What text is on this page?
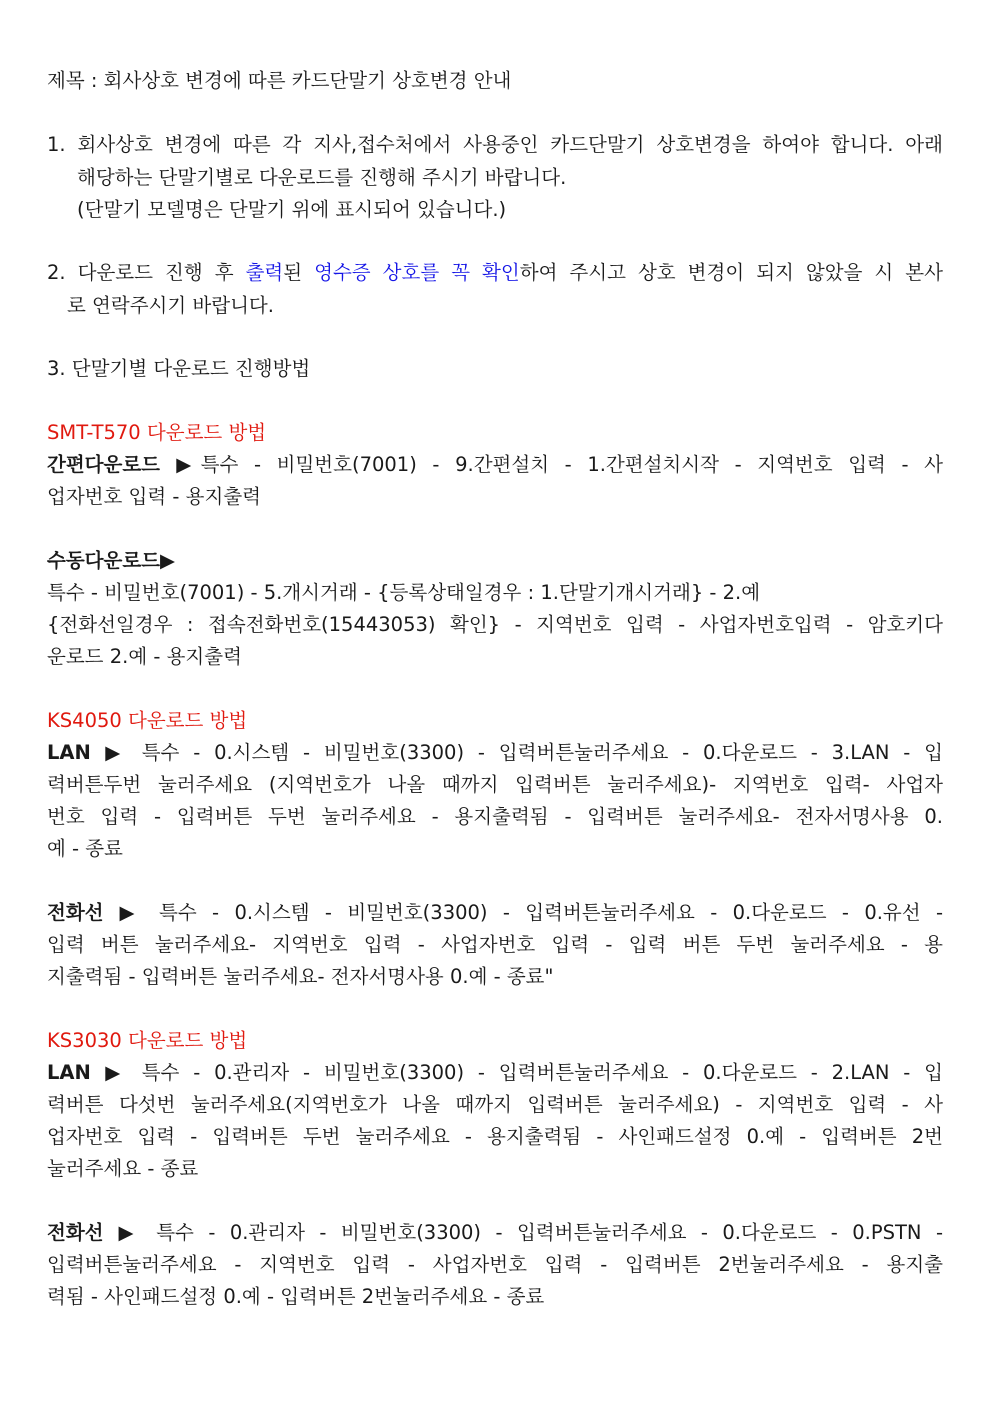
제목 : 회사상호 변경에 따른 카드단말기 상호변경 안내
1. 회사상호 변경에 따른 각 지사,접수처에서 사용중인 카드단말기 상호변경을 하여야 합니다. 아래
해당하는 단말기별로 다운로드를 진행해 주시기 바랍니다.
(단말기 모델명은 단말기 위에 표시되어 있습니다.)
2. 다운로드 진행 후 출력된 영수증 상호를 꼭 확인하여 주시고 상호 변경이 되지 않았을 시 본사
로 연락주시기 바랍니다.
3. 단말기별 다운로드 진행방법
SMT-T570 다운로드 방법
간편다운로드 ▶특수 - 비밀번호(7001) - 9.간편설치 - 1.간편설치시작 - 지역번호 입력 - 사
업자번호 입력 - 용지출력
수동다운로드▶
특수 - 비밀번호(7001) - 5.개시거래 - {등록상태일경우 : 1.단말기개시거래} - 2.예
{전화선일경우 : 접속전화번호(15443053) 확인} - 지역번호 입력 - 사업자번호입력 - 암호키다
운로드 2.예 - 용지출력
KS4050 다운로드 방법
LAN ▶ 특수 - 0.시스템 - 비밀번호(3300) - 입력버튼눌러주세요 - 0.다운로드 - 3.LAN - 입
력버튼두번 눌러주세요 (지역번호가 나올 때까지 입력버튼 눌러주세요)- 지역번호 입력- 사업자
번호 입력 - 입력버튼 두번 눌러주세요 - 용지출력됨 - 입력버튼 눌러주세요- 전자서명사용 0.
예 - 종료
전화선 ▶ 특수 - 0.시스템 - 비밀번호(3300) - 입력버튼눌러주세요 - 0.다운로드 - 0.유선 -
입력 버튼 눌러주세요- 지역번호 입력 - 사업자번호 입력 - 입력 버튼 두번 눌러주세요 - 용
지출력됨 - 입력버튼 눌러주세요- 전자서명사용 0.예 - 종료"
KS3030 다운로드 방법
LAN ▶ 특수 - 0.관리자 - 비밀번호(3300) - 입력버튼눌러주세요 - 0.다운로드 - 2.LAN - 입
력버튼 다섯번 눌러주세요(지역번호가 나올 때까지 입력버튼 눌러주세요) - 지역번호 입력 - 사
업자번호 입력 - 입력버튼 두번 눌러주세요 - 용지출력됨 - 사인패드설정 0.예 - 입력버튼 2번
눌러주세요 - 종료
전화선 ▶ 특수 - 0.관리자 - 비밀번호(3300) - 입력버튼눌러주세요 - 0.다운로드 - 0.PSTN -
입력버튼눌러주세요 - 지역번호 입력 - 사업자번호 입력 - 입력버튼 2번눌러주세요 - 용지출
력됨 - 사인패드설정 0.예 - 입력버튼 2번눌러주세요 - 종료
